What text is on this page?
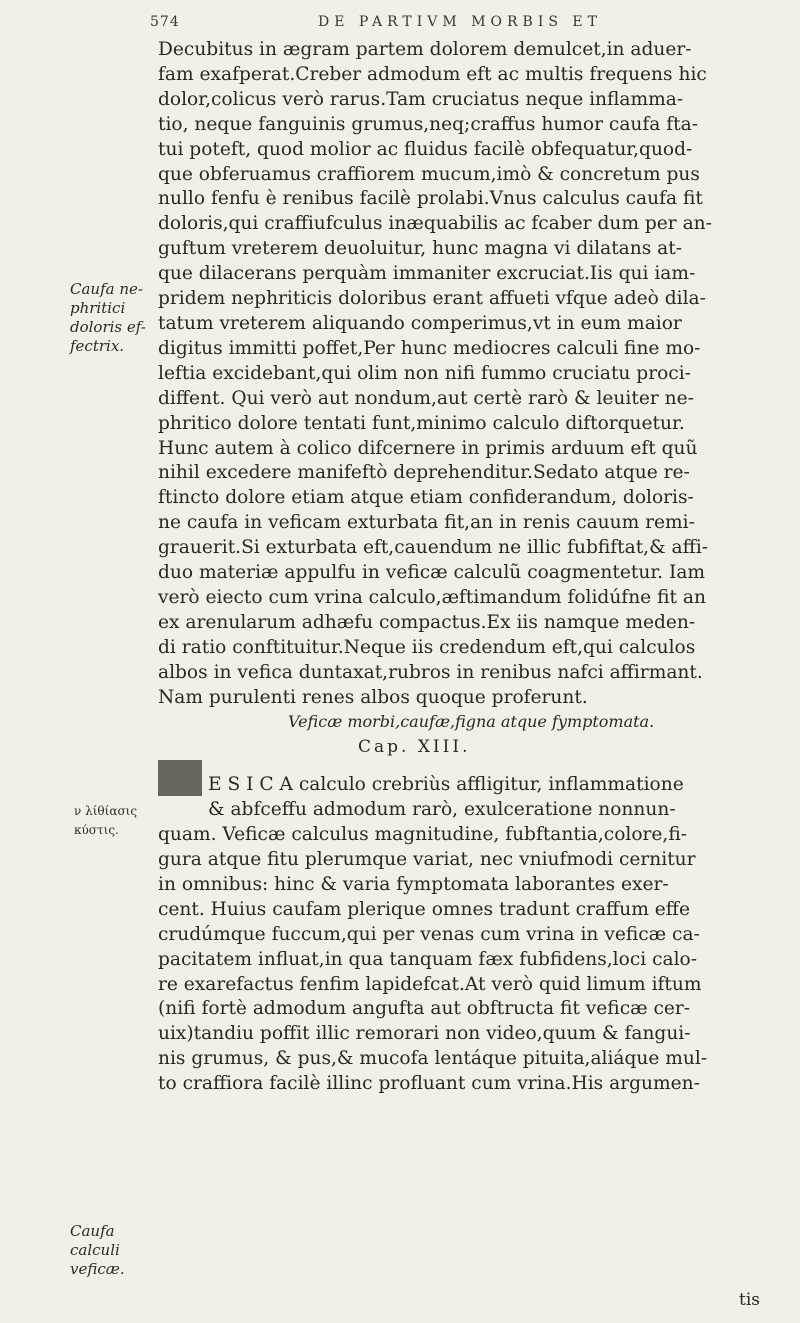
574	DE PARTIVM MORBIS ET
Caufa ne-
phritici
doloris ef-
fectrix.
ν λίθίασις
κύστις.
Caufa
calculi
veficæ.
Decubitus in ægram partem dolorem demulcet,in aduer-
fam exafperat.Creber admodum eft ac multis frequens hic
dolor,colicus verò rarus.Tam cruciatus neque inflamma-
tio, neque fanguinis grumus,neq;craffus humor caufa fta-
tui poteft, quod molior ac fluidus facilè obfequatur,quod-
que obferuamus craffiorem mucum,imò & concretum pus
nullo fenfu è renibus facilè prolabi.Vnus calculus caufa fit
doloris,qui craffiufculus inæquabilis ac fcaber dum per an-
guftum vreterem deuoluitur, hunc magna vi dilatans at-
que dilacerans perquàm immaniter excruciat.Iis qui iam-
pridem nephriticis doloribus erant affueti vfque adeò dila-
tatum vreterem aliquando comperimus,vt in eum maior
digitus immitti poffet,Per hunc mediocres calculi fine mo-
leftia excidebant,qui olim non nifi fummo cruciatu proci-
diffent. Qui verò aut nondum,aut certè rarò & leuiter ne-
phritico dolore tentati funt,minimo calculo diftorquetur.
Hunc autem à colico difcernere in primis arduum eft quũ
nihil excedere manifeftò deprehenditur.Sedato atque re-
ftincto dolore etiam atque etiam confiderandum, doloris-
ne caufa in veficam exturbata fit,an in renis cauum remi-
grauerit.Si exturbata eft,cauendum ne illic fubfiftat,& affi-
duo materiæ appulfu in veficæ calculũ coagmentetur. Iam
verò eiecto cum vrina calculo,æftimandum folidúfne fit an
ex arenularum adhæfu compactus.Ex iis namque meden-
di ratio conftituitur.Neque iis credendum eft,qui calculos
albos in vefica duntaxat,rubros in renibus nafci affirmant.
Nam purulenti renes albos quoque proferunt.
Veficæ morbi,caufæ,figna atque fymptomata.
Cap. XIII.
E S I C A calculo crebriùs affligitur, inflammatione
& abfceffu admodum rarò, exulceratione nonnun-
quam. Veficæ calculus magnitudine, fubftantia,colore,fi-
gura atque fitu plerumque variat, nec vniufmodi cernitur
in omnibus: hinc & varia fymptomata laborantes exer-
cent. Huius caufam plerique omnes tradunt craffum effe
crudúmque fuccum,qui per venas cum vrina in veficæ ca-
pacitatem influat,in qua tanquam fæx fubfidens,loci calo-
re exarefactus fenfim lapidefcat.At verò quid limum iftum
(nifi fortè admodum angufta aut obftructa fit veficæ cer-
uix)tandiu poffit illic remorari non video,quum & fangui-
nis grumus, & pus,& mucofa lentáque pituita,aliáque mul-
to craffiora facilè illinc profluant cum vrina.His argumen-
tis
